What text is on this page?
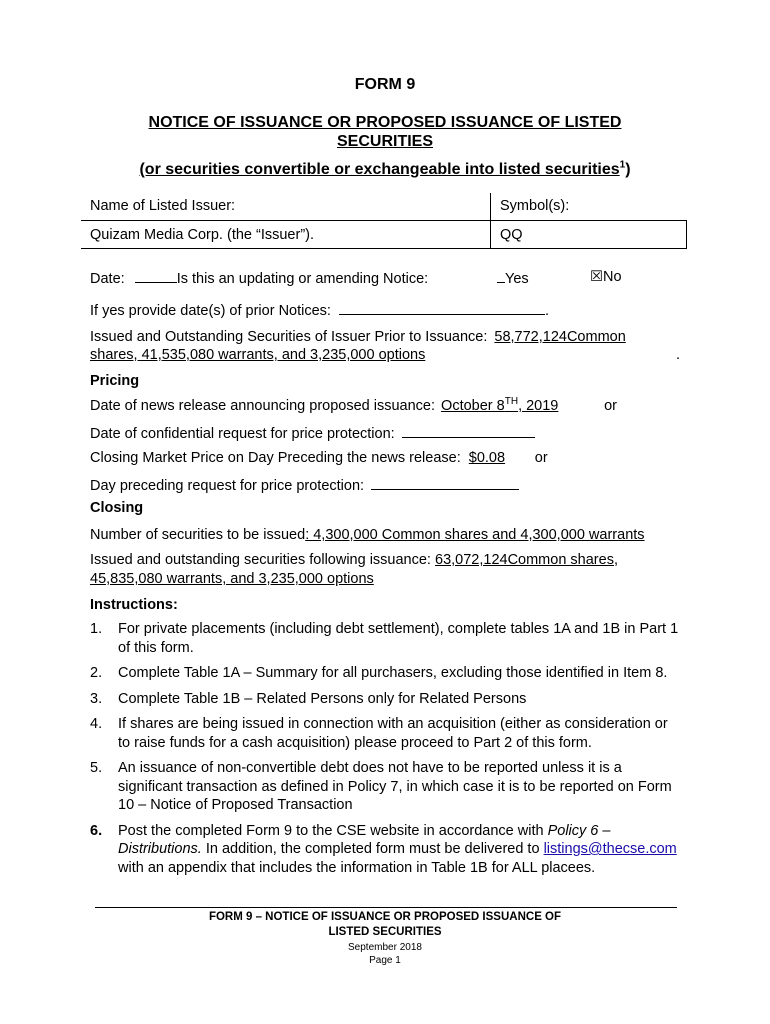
FORM 9
NOTICE OF ISSUANCE OR PROPOSED ISSUANCE OF LISTED
SECURITIES
(or securities convertible or exchangeable into listed securities$^1$)
Name of Listed Issuer:	Symbol(s):
Quizam Media Corp. (the “Issuer”).	QQ
Date:	Is this an updating or amending Notice:	Yes	☒No
If yes provide date(s) of prior Notices:	.
Issued and Outstanding Securities of Issuer Prior to Issuance: 58,772,124Common
shares, 41,535,080 warrants, and 3,235,000 options	.
Pricing
Date of news release announcing proposed issuance: October 8TH, 2019	or
Date of confidential request for price protection:
Closing Market Price on Day Preceding the news release: $0.08 or
Day preceding request for price protection:
Closing
Number of securities to be issued: 4,300,000 Common shares and 4,300,000 warrants
Issued and outstanding securities following issuance: 63,072,124Common shares,
45,835,080 warrants, and 3,235,000 options
Instructions:
1. For private placements (including debt settlement), complete tables 1A and 1B in Part 1 of this form.
2. Complete Table 1A – Summary for all purchasers, excluding those identified in Item 8.
3. Complete Table 1B – Related Persons only for Related Persons
4. If shares are being issued in connection with an acquisition (either as consideration or to raise funds for a cash acquisition) please proceed to Part 2 of this form.
5. An issuance of non-convertible debt does not have to be reported unless it is a significant transaction as defined in Policy 7, in which case it is to be reported on Form 10 – Notice of Proposed Transaction
6. Post the completed Form 9 to the CSE website in accordance with Policy 6 – Distributions. In addition, the completed form must be delivered to listings@thecse.com with an appendix that includes the information in Table 1B for ALL placees.
FORM 9 – NOTICE OF ISSUANCE OR PROPOSED ISSUANCE OF
LISTED SECURITIES
September 2018
Page 1
